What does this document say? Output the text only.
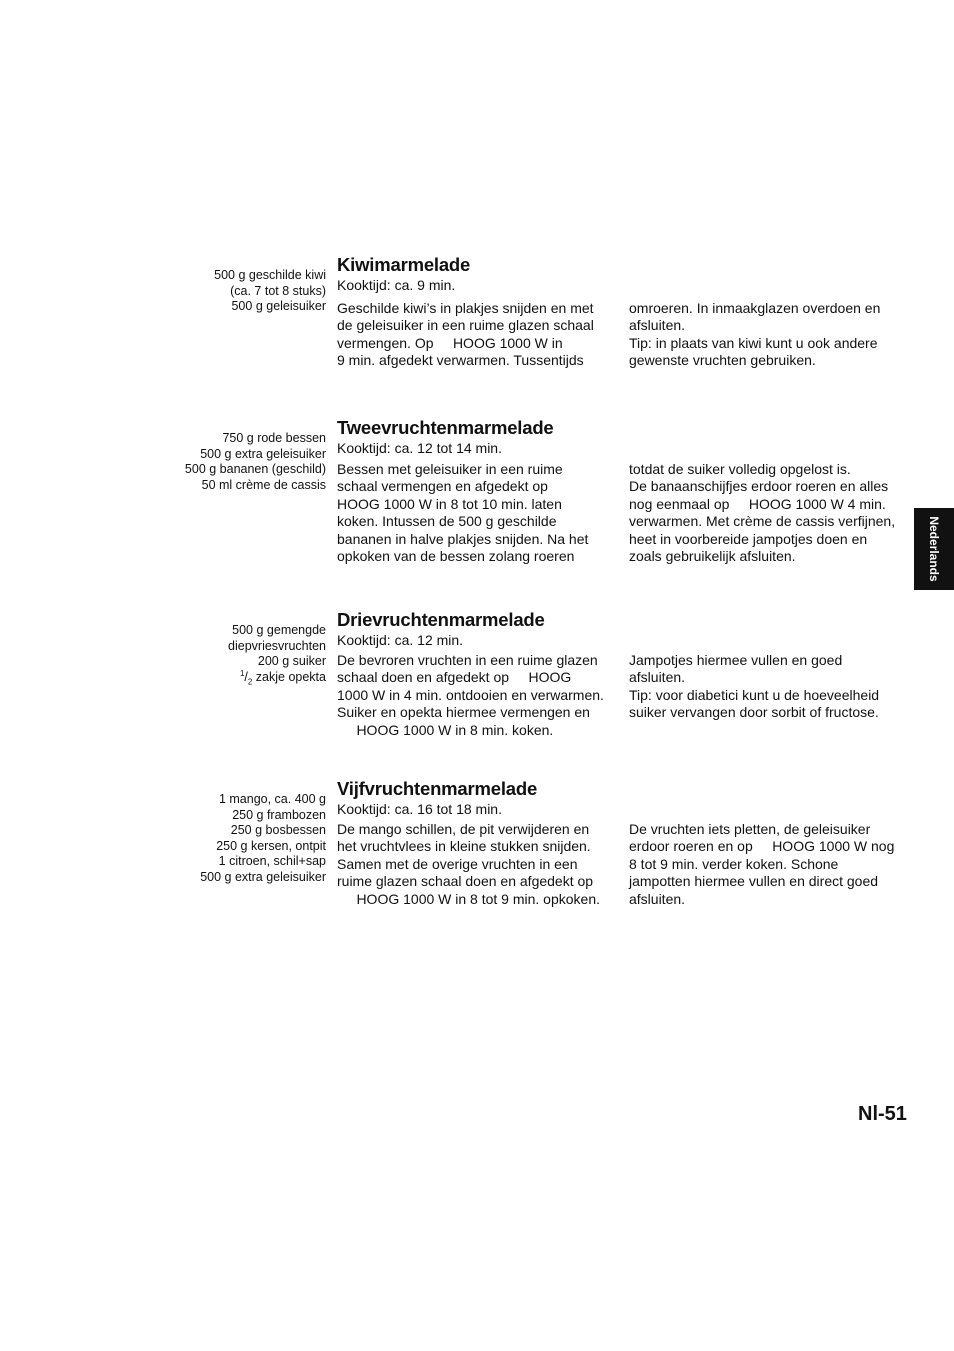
500 g geschilde kiwi
(ca. 7 tot 8 stuks)
500 g geleisuiker
Kiwimarmelade
Kooktijd: ca. 9 min.
Geschilde kiwi’s in plakjes snijden en met
de geleisuiker in een ruime glazen schaal
vermengen. Op     HOOG 1000 W in
9 min. afgedekt verwarmen. Tussentijds
omroeren. In inmaakglazen overdoen en
afsluiten.
Tip: in plaats van kiwi kunt u ook andere
gewenste vruchten gebruiken.
750 g rode bessen
500 g extra geleisuiker
500 g bananen (geschild)
50 ml crème de cassis
Tweevruchtenmarmelade
Kooktijd: ca. 12 tot 14 min.
Bessen met geleisuiker in een ruime
schaal vermengen en afgedekt op
HOOG 1000 W in 8 tot 10 min. laten
koken. Intussen de 500 g geschilde
bananen in halve plakjes snijden. Na het
opkoken van de bessen zolang roeren
totdat de suiker volledig opgelost is.
De banaanschijfjes erdoor roeren en alles
nog eenmaal op     HOOG 1000 W 4 min.
verwarmen. Met crème de cassis verfijnen,
heet in voorbereide jampotjes doen en
zoals gebruikelijk afsluiten.
500 g gemengde
diepvriesvruchten
200 g suiker
$^1/_2$ zakje opekta
Drievruchtenmarmelade
Kooktijd: ca. 12 min.
De bevroren vruchten in een ruime glazen
schaal doen en afgedekt op     HOOG
1000 W in 4 min. ontdooien en verwarmen.
Suiker en opekta hiermee vermengen en
HOOG 1000 W in 8 min. koken.
Jampotjes hiermee vullen en goed
afsluiten.
Tip: voor diabetici kunt u de hoeveelheid
suiker vervangen door sorbit of fructose.
1 mango, ca. 400 g
250 g frambozen
250 g bosbessen
250 g kersen, ontpit
1 citroen, schil+sap
500 g extra geleisuiker
Vijfvruchtenmarmelade
Kooktijd: ca. 16 tot 18 min.
De mango schillen, de pit verwijderen en
het vruchtvlees in kleine stukken snijden.
Samen met de overige vruchten in een
ruime glazen schaal doen en afgedekt op
HOOG 1000 W in 8 tot 9 min. opkoken.
De vruchten iets pletten, de geleisuiker
erdoor roeren en op     HOOG 1000 W nog
8 tot 9 min. verder koken. Schone
jampotten hiermee vullen en direct goed
afsluiten.
Nederlands
Nl-51
